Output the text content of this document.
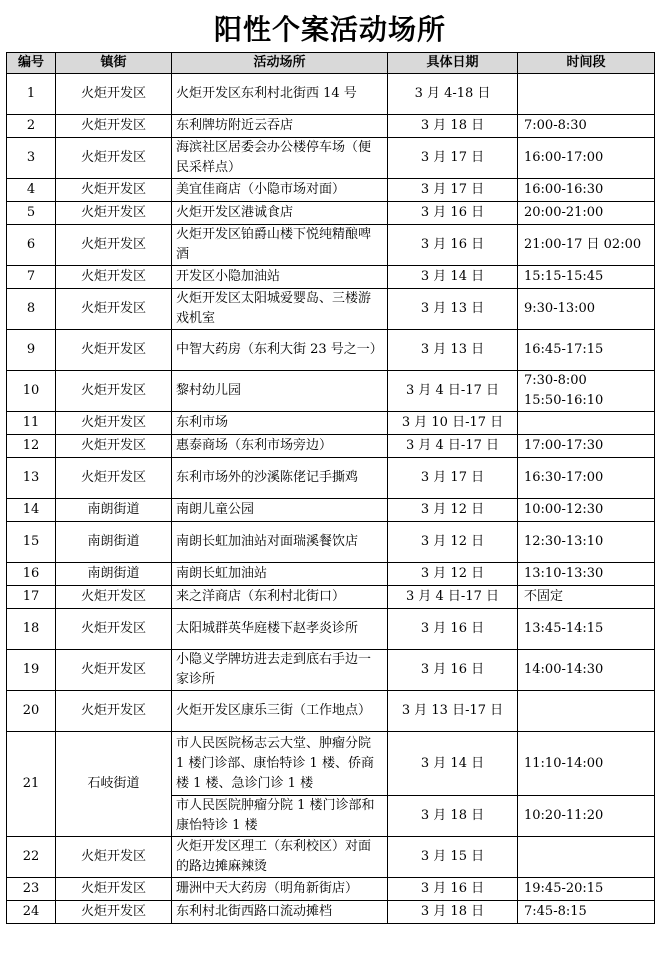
阳性个案活动场所
编号	镇街	活动场所	具体日期	时间段
1	火炬开发区	火炬开发区东利村北街西 14 号	3 月 4-18 日	
2	火炬开发区	东利牌坊附近云吞店	3 月 18 日	7:00-8:30
3	火炬开发区	海滨社区居委会办公楼停车场（便民采样点）	3 月 17 日	16:00-17:00
4	火炬开发区	美宜佳商店（小隐市场对面）	3 月 17 日	16:00-16:30
5	火炬开发区	火炬开发区港诚食店	3 月 16 日	20:00-21:00
6	火炬开发区	火炬开发区铂爵山楼下悦纯精酿啤酒	3 月 16 日	21:00-17 日 02:00
7	火炬开发区	开发区小隐加油站	3 月 14 日	15:15-15:45
8	火炬开发区	火炬开发区太阳城爱婴岛、三楼游戏机室	3 月 13 日	9:30-13:00
9	火炬开发区	中智大药房（东利大街 23 号之一）	3 月 13 日	16:45-17:15
10	火炬开发区	黎村幼儿园	3 月 4 日-17 日	7:30-8:00
15:50-16:10

11	火炬开发区	东利市场	3 月 10 日-17 日	
12	火炬开发区	惠泰商场（东利市场旁边）	3 月 4 日-17 日	17:00-17:30
13	火炬开发区	东利市场外的沙溪陈佬记手撕鸡	3 月 17 日	16:30-17:00
14	南朗街道	南朗儿童公园	3 月 12 日	10:00-12:30
15	南朗街道	南朗长虹加油站对面瑞溪餐饮店	3 月 12 日	12:30-13:10
16	南朗街道	南朗长虹加油站	3 月 12 日	13:10-13:30
17	火炬开发区	来之洋商店（东利村北街口）	3 月 4 日-17 日	不固定
18	火炬开发区	太阳城群英华庭楼下赵孝炎诊所	3 月 16 日	13:45-14:15
19	火炬开发区	小隐义学牌坊进去走到底右手边一家诊所	3 月 16 日	14:00-14:30
20	火炬开发区	火炬开发区康乐三街（工作地点）	3 月 13 日-17 日	
21	石岐街道	市人民医院杨志云大堂、肿瘤分院 1 楼门诊部、康怡特诊 1 楼、侨商楼 1 楼、急诊门诊 1 楼	3 月 14 日	11:10-14:00
		市人民医院肿瘤分院 1 楼门诊部和康怡特诊 1 楼	3 月 18 日	10:20-11:20
22	火炬开发区	火炬开发区理工（东利校区）对面的路边摊麻辣烫	3 月 15 日	
23	火炬开发区	珊洲中天大药房（明角新街店）	3 月 16 日	19:45-20:15
24	火炬开发区	东利村北街西路口流动摊档	3 月 18 日	7:45-8:15
